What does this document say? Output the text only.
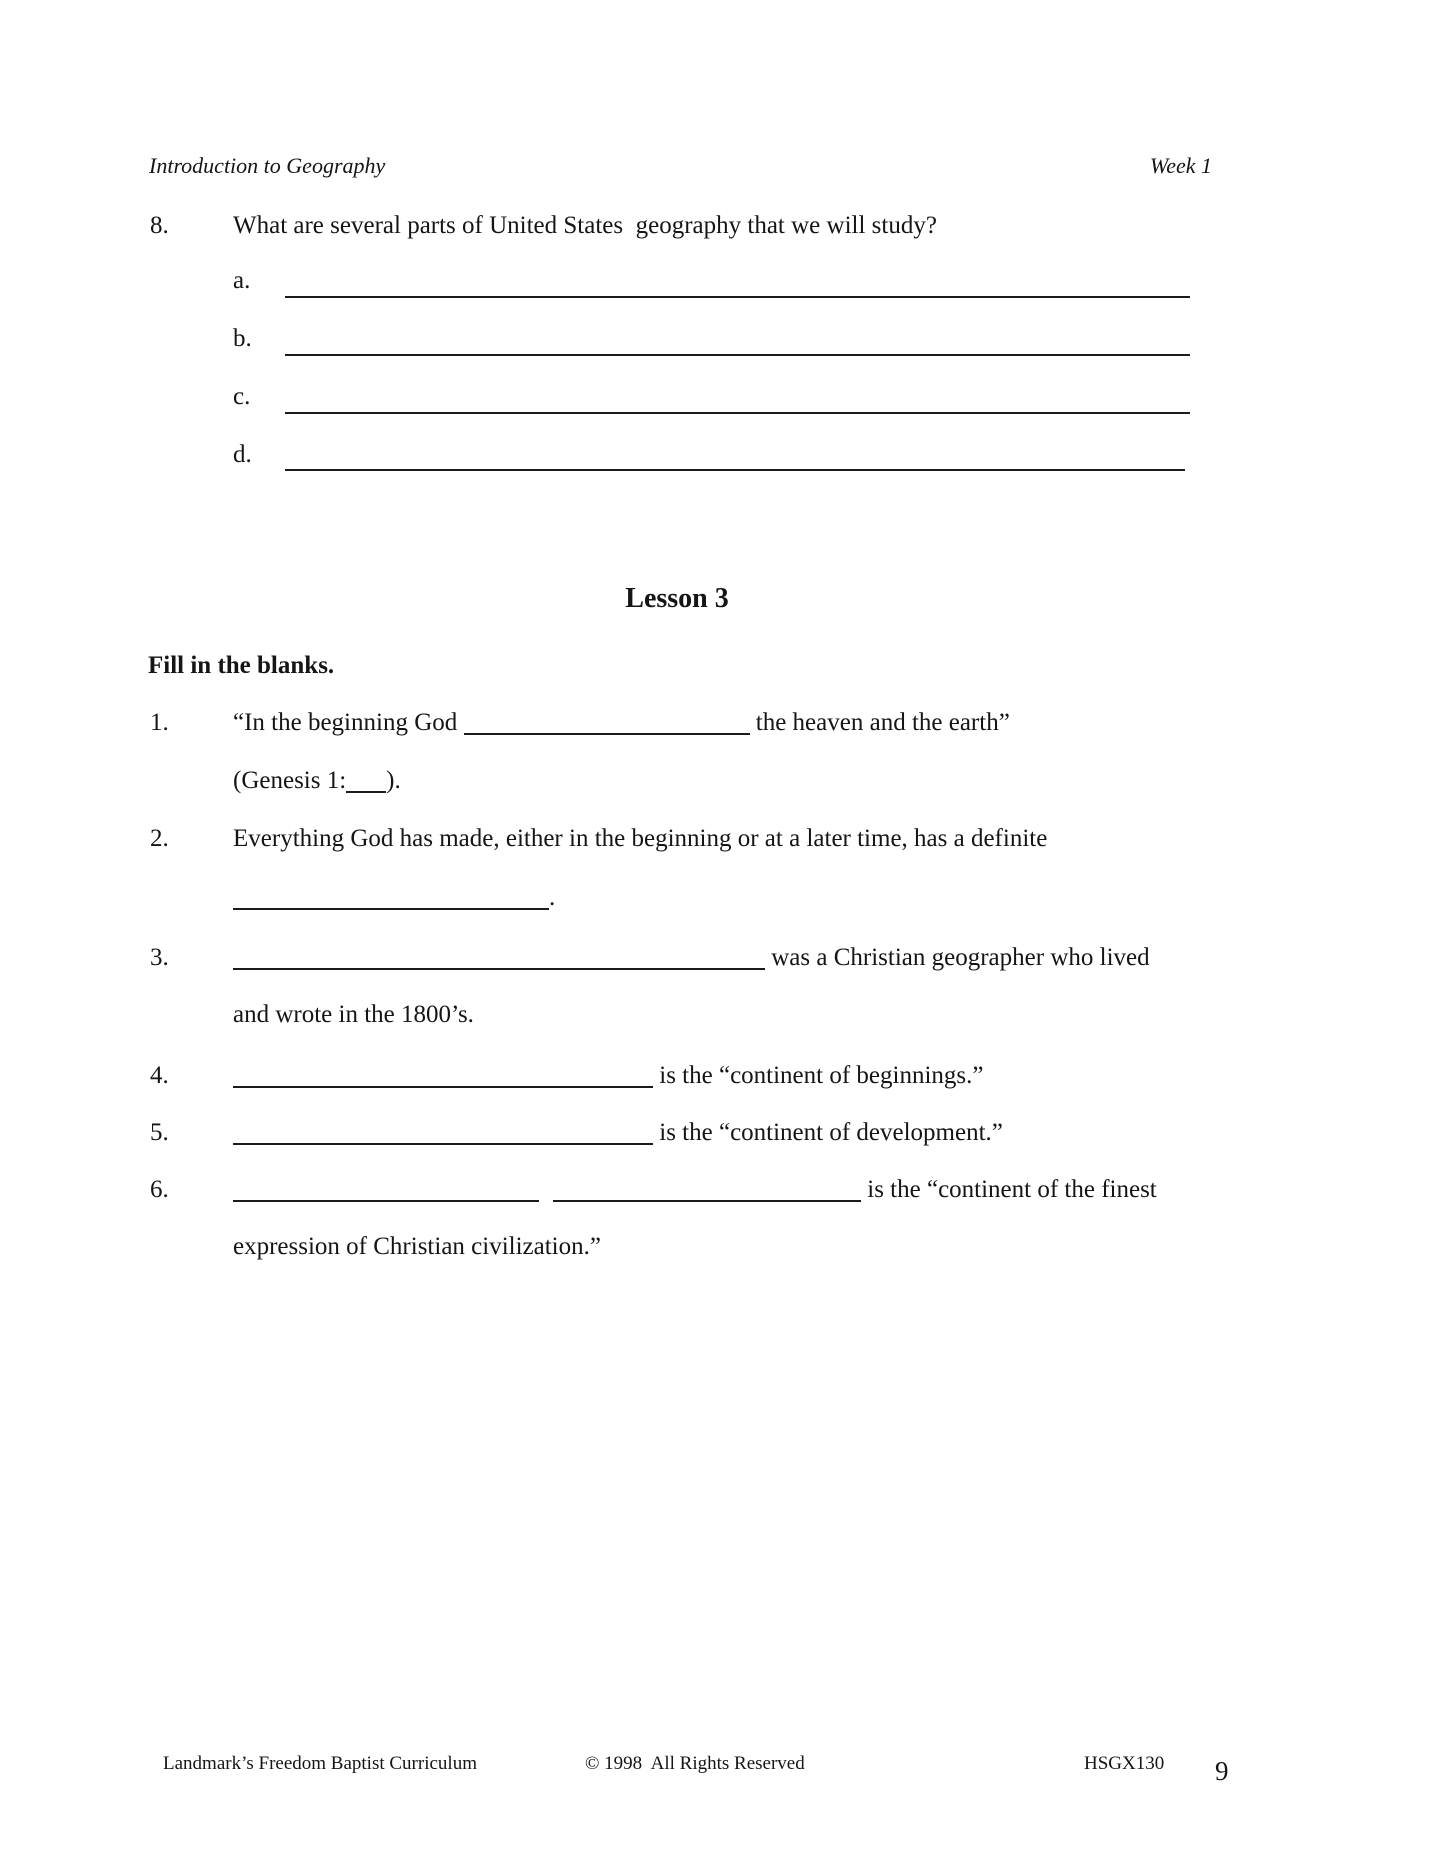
Introduction to Geography
	Week 1

8.	What are several parts of United States  geography that we will study?
a.
b.
c.
d.
Lesson 3
Fill in the blanks.
1.	“In the beginning God	the heaven and the earth”
(Genesis 1: ).
2.	Everything God has made, either in the beginning or at a later time, has a definite
.
3.	was a Christian geographer who lived
and wrote in the 1800’s.
4.	is the “continent of beginnings.”
5.	is the “continent of development.”
6.	is the “continent of the finest
expression of Christian civilization.”

Landmark’s Freedom Baptist Curriculum
	© 1998  All Rights Reserved
	HSGX130
	9
